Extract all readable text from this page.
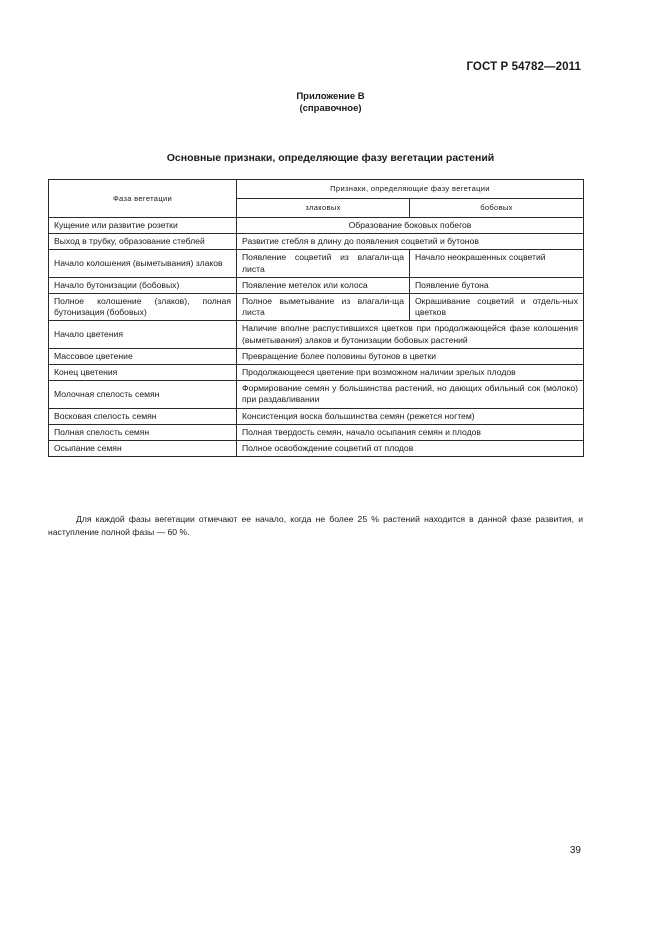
ГОСТ Р 54782—2011
Приложение В
(справочное)
Основные признаки, определяющие фазу вегетации растений
Фаза вегетации	Признаки, определяющие фазу вегетации	
	злаковых	бобовых
Кущение или развитие розетки	Образование боковых побегов	
Выход в трубку, образование стеблей	Развитие стебля в длину до появления соцветий и бутонов	
Начало колошения (выметывания) злаков	Появление соцветий из влагали-ща листа	Начало неокрашенных соцветий
Начало бутонизации (бобовых)	Появление метелок или колоса	Появление бутона
Полное колошение (злаков), полная бутонизация (бобовых)	Полное выметывание из влагали-ща листа	Окрашивание соцветий и отдель-ных цветков
Начало цветения	Наличие вполне распустившихся цветков при продолжающейся фазе колошения (выметывания) злаков и бутонизации бобовых растений	
Массовое цветение	Превращение более половины бутонов в цветки	
Конец цветения	Продолжающееся цветение при возможном наличии зрелых плодов	
Молочная спелость семян	Формирование семян у большинства растений, но дающих обильный сок (молоко) при раздавливании	
Восковая спелость семян	Консистенция воска большинства семян (режется ногтем)	
Полная спелость семян	Полная твердость семян, начало осыпания семян и плодов	
Осыпание семян	Полное освобождение соцветий от плодов	

Для каждой фазы вегетации отмечают ее начало, когда не более 25 % растений находится в данной фазе развития, и наступление полной фазы — 60 %.

39
